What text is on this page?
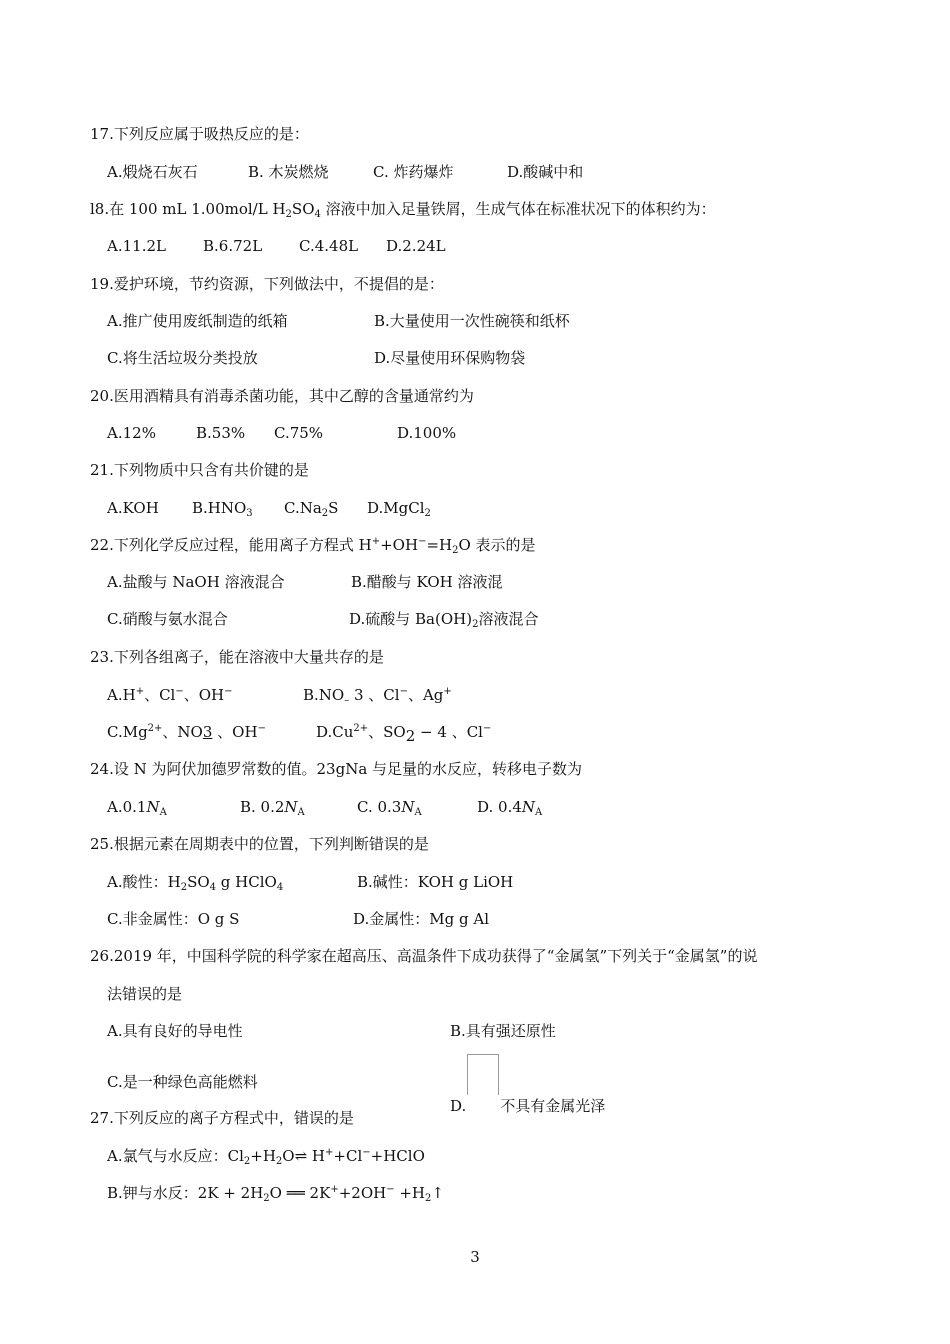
17.下列反应属于吸热反应的是：
A.煅烧石灰石	B. 木炭燃烧	C. 炸药爆炸	D.酸碱中和
l8.在 100 mL 1.00mol/L $H_2SO_4$ 溶液中加入足量铁屑，生成气体在标准状况下的体积约为：
A.11.2L B.6.72L C.4.48L D.2.24L
19.爱护环境，节约资源，下列做法中，不提倡的是：
A.推广使用废纸制造的纸箱	B.大量使用一次性碗筷和纸杯
C.将生活垃圾分类投放	D.尽量使用环保购物袋
20.医用酒精具有消毒杀菌功能，其中乙醇的含量通常约为
A.12%	B.53% C.75%	D.100%
21.下列物质中只含有共价键的是
A.KOH $B.HNO_3$ $C.Na_2S$ D.MgCl$_2$
22.下列化学反应过程，能用离子方程式 $H^++OH^-=H_2O$ 表示的是
A.盐酸与 NaOH 溶液混合	B.醋酸与 KOH 溶液混
C.硝酸与氨水混合	D.硫酸与 $Ba(OH)_2$溶液混合
23.下列各组离子，能在溶液中大量共存的是
A.H+、Cl−、OH−	$B.NO_-$ 3 、Cl−、Ag+
$C.Mg^{2+}$、NO3 、OH−	$D.Cu^{2+}$、$SO_2 - 4$ 、Cl−
24.设 N 为阿伏加德罗常数的值。23gNa 与足量的水反应，转移电子数为
$A.0.1N_A$	B. $0.2N_A$	C. $0.3N_A$	D. $0.4N_A$
25.根据元素在周期表中的位置，下列判断错误的是
A.酸性：$H_2SO_4$ g HClO$_4$	B.碱性：KOH g LiOH
C.非金属性：O g S	D.金属性：Mg g Al
26.2019 年，中国科学院的科学家在超高压、高温条件下成功获得了“金属氢”下列关于“金属氢”的说
法错误的是
A.具有良好的导电性	B.具有强还原性
C.是一种绿色高能燃料
D. 不具有金属光泽
27.下列反应的离子方程式中，错误的是
A.氯气与水反应：$Cl_2+H_2O\rightleftharpoons$ H++Cl−+HClO
B.钾与水反：$2K + 2H_2O$ ══ $2K^++2OH^- +H_2↑$
3
